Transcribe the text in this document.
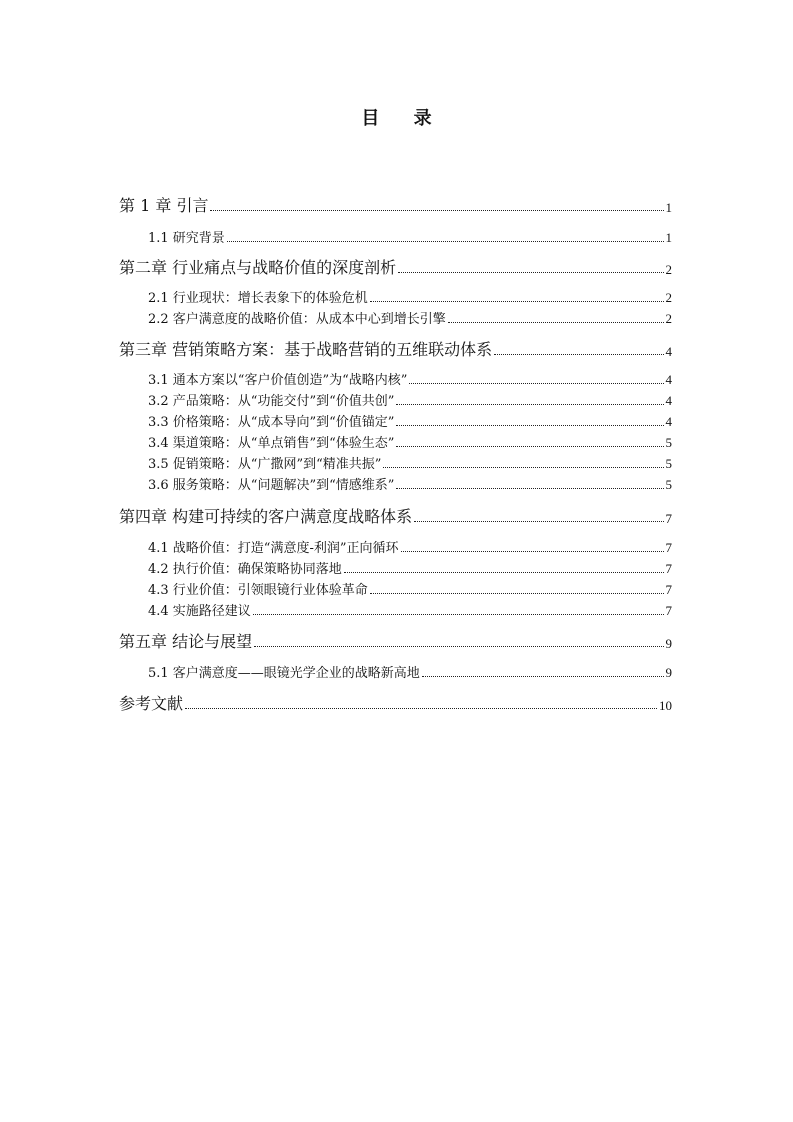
目 录
第 1 章 引言	1
1.1 研究背景	1
第二章 行业痛点与战略价值的深度剖析	2
2.1 行业现状：增长表象下的体验危机	2
2.2 客户满意度的战略价值：从成本中心到增长引擎	2
第三章 营销策略方案：基于战略营销的五维联动体系	4
3.1 通本方案以“客户价值创造”为“战略内核”	4
3.2 产品策略：从“功能交付”到“价值共创”	4
3.3 价格策略：从“成本导向”到“价值锚定”	4
3.4 渠道策略：从“单点销售”到“体验生态”	5
3.5 促销策略：从“广撒网”到“精准共振”	5
3.6 服务策略：从“问题解决”到“情感维系”	5
第四章 构建可持续的客户满意度战略体系	7
4.1 战略价值：打造“满意度-利润”正向循环	7
4.2 执行价值：确保策略协同落地	7
4.3 行业价值：引领眼镜行业体验革命	7
4.4 实施路径建议	7
第五章 结论与展望	9
5.1 客户满意度——眼镜光学企业的战略新高地	9
参考文献	10
